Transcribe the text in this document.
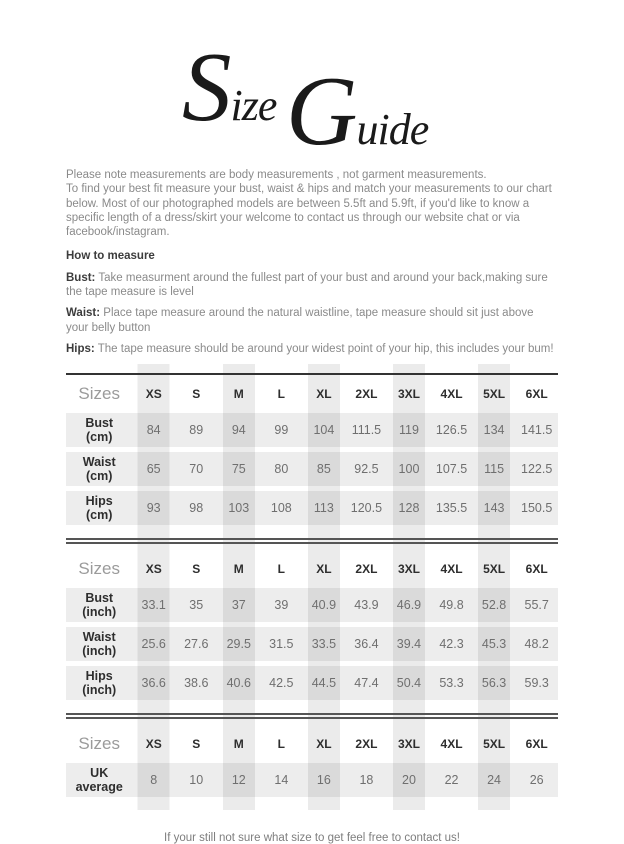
Size Guide

Please note measurements are body measurements , not garment measurements.
To find your best fit measure your bust, waist & hips and match your measurements to our chart below. Most of our photographed models are between 5.5ft and 5.9ft, if you'd like to know a specific length of a dress/skirt your welcome to contact us through our website chat or via facebook/instagram.

How to measure

Bust: Take measurment around the fullest part of your bust and around your back,making sure the tape measure is level

Waist: Place tape measure around the natural waistline, tape measure should sit just above your belly button

Hips: The tape measure should be around your widest point of your hip, this includes your bum!

Sizes	XS	S	M	L	XL	2XL	3XL	4XL	5XL	6XL

Bust
(cm)	84	89	94	99	104	111.5	119	126.5	134	141.5

Waist
(cm)	65	70	75	80	85	92.5	100	107.5	115	122.5

Hips
(cm)	93	98	103	108	113	120.5	128	135.5	143	150.5
Sizes	XS	S	M	L	XL	2XL	3XL	4XL	5XL	6XL

Bust
(inch)	33.1	35	37	39	40.9	43.9	46.9	49.8	52.8	55.7

Waist
(inch)	25.6	27.6	29.5	31.5	33.5	36.4	39.4	42.3	45.3	48.2

Hips
(inch)	36.6	38.6	40.6	42.5	44.5	47.4	50.4	53.3	56.3	59.3
Sizes	XS	S	M	L	XL	2XL	3XL	4XL	5XL	6XL

UK
average	8	10	12	14	16	18	20	22	24	26
If your still not sure what size to get feel free to contact us!
